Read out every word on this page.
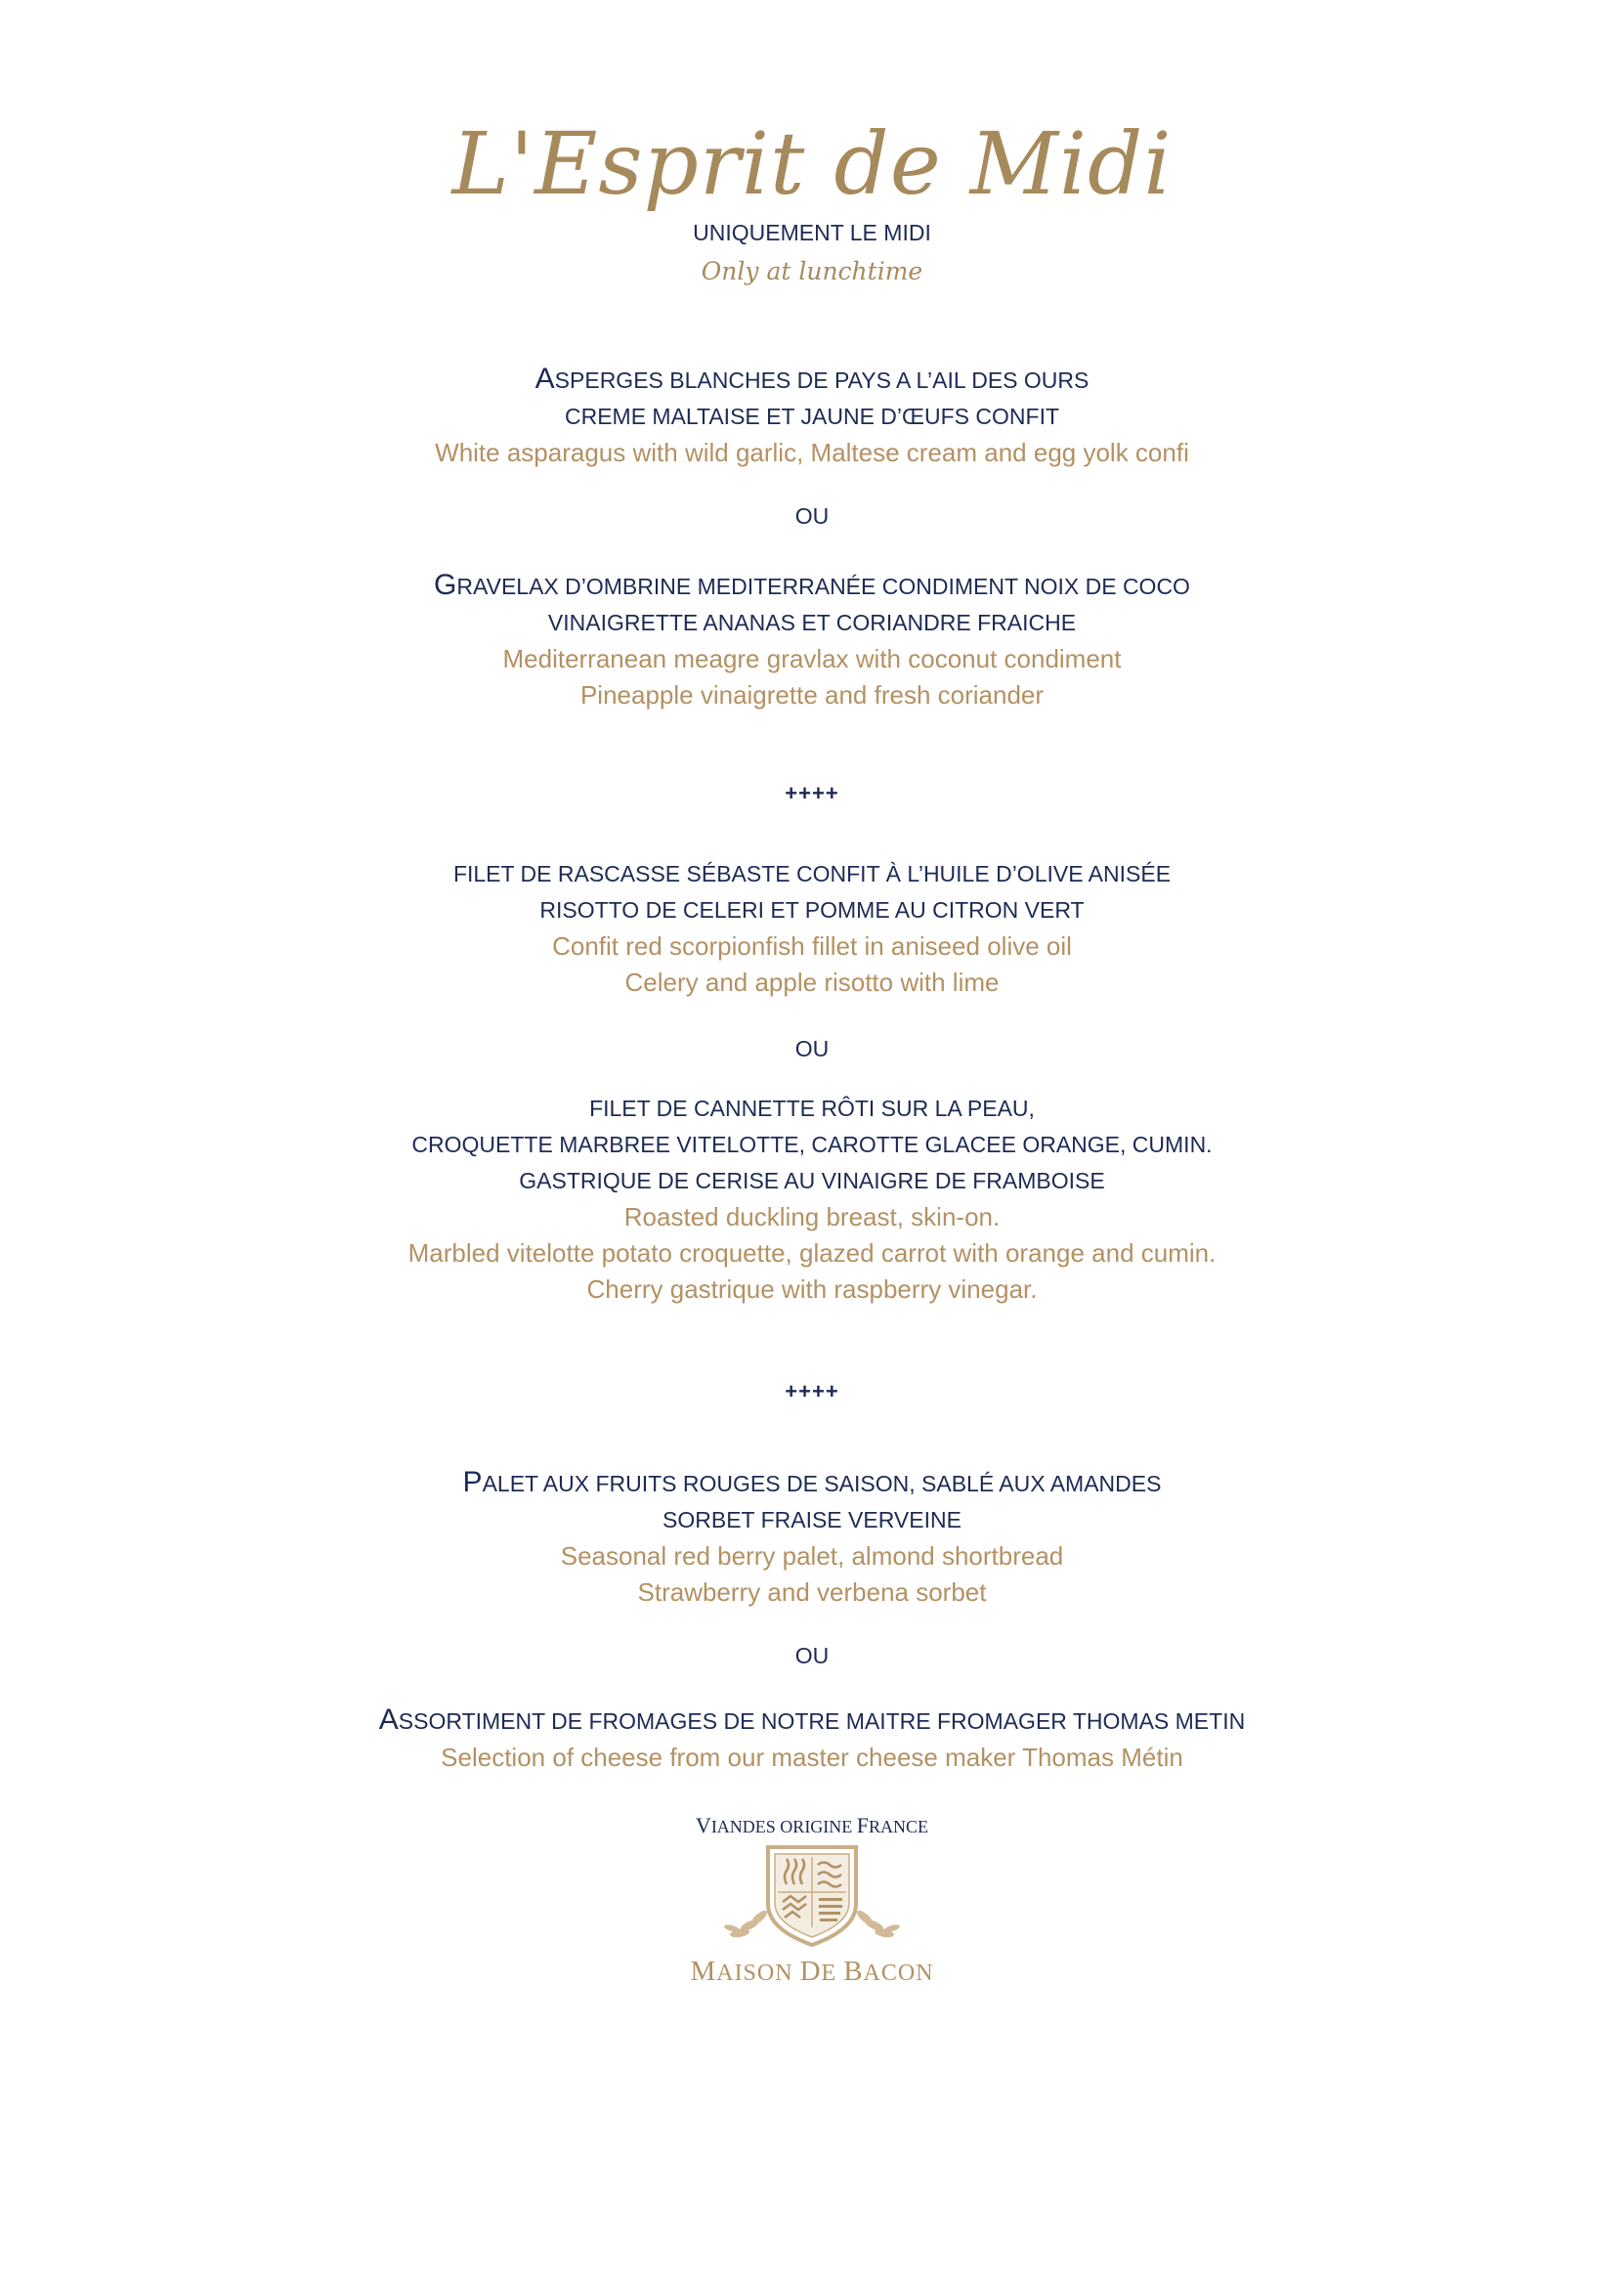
L'Esprit de Midi
UNIQUEMENT LE MIDI
Only at lunchtime
ASPERGES BLANCHES DE PAYS A L’AIL DES OURS
CREME MALTAISE ET JAUNE D’ŒUFS CONFIT
White asparagus with wild garlic, Maltese cream and egg yolk confi
OU
GRAVELAX D’OMBRINE MEDITERRANÉE CONDIMENT NOIX DE COCO
VINAIGRETTE ANANAS ET CORIANDRE FRAICHE
Mediterranean meagre gravlax with coconut condiment
Pineapple vinaigrette and fresh coriander
++++
FILET DE RASCASSE SÉBASTE CONFIT À L’HUILE D’OLIVE ANISÉE
RISOTTO DE CELERI ET POMME AU CITRON VERT
Confit red scorpionfish fillet in aniseed olive oil
Celery and apple risotto with lime
OU
FILET DE CANNETTE RÔTI SUR LA PEAU,
CROQUETTE MARBREE VITELOTTE, CAROTTE GLACEE ORANGE, CUMIN.
GASTRIQUE DE CERISE AU VINAIGRE DE FRAMBOISE
Roasted duckling breast, skin-on.
Marbled vitelotte potato croquette, glazed carrot with orange and cumin.
Cherry gastrique with raspberry vinegar.
++++
PALET AUX FRUITS ROUGES DE SAISON, SABLÉ AUX AMANDES
SORBET FRAISE VERVEINE
Seasonal red berry palet, almond shortbread
Strawberry and verbena sorbet
OU
ASSORTIMENT DE FROMAGES DE NOTRE MAITRE FROMAGER THOMAS METIN
Selection of cheese from our master cheese maker Thomas Métin
VIANDES ORIGINE FRANCE
MAISON DE BACON
